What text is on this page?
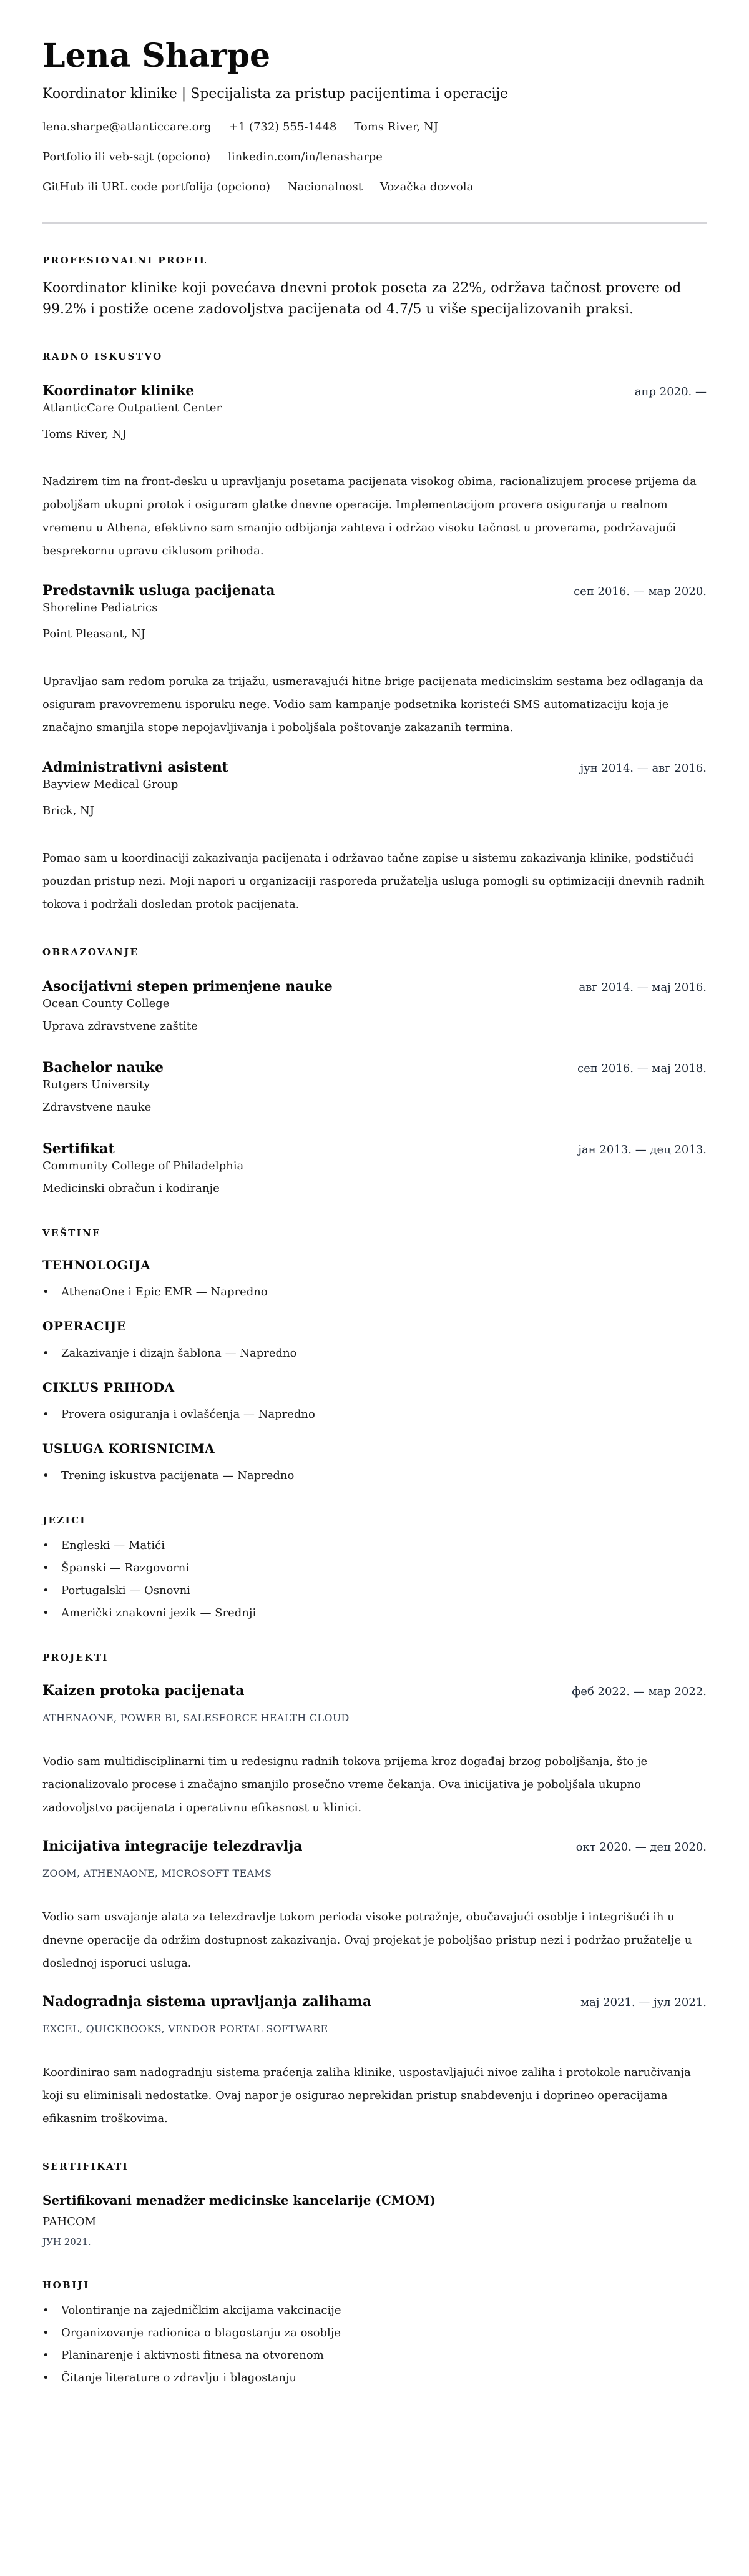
Lena Sharpe
Koordinator klinike | Specijalista za pristup pacijentima i operacije
lena.sharpe@atlanticcare.org +1 (732) 555-1448 Toms River, NJ
Portfolio ili veb-sajt (opciono) linkedin.com/in/lenasharpe
GitHub ili URL code portfolija (opciono) Nacionalnost Vozačka dozvola
PROFESIONALNI PROFIL

Koordinator klinike koji povećava dnevni protok poseta za 22%, održava tačnost provere od 99.2% i postiže ocene zadovoljstva pacijenata od 4.7/5 u više specijalizovanih praksi.

RADNO ISKUSTVO
Koordinator klinike	апр 2020. —
AtlanticCare Outpatient Center
Toms River, NJ

Nadzirem tim na front-desku u upravljanju posetama pacijenata visokog obima, racionalizujem procese prijema da poboljšam ukupni protok i osiguram glatke dnevne operacije. Implementacijom provera osiguranja u realnom vremenu u Athena, efektivno sam smanjio odbijanja zahteva i održao visoku tačnost u proverama, podržavajući besprekornu upravu ciklusom prihoda.

Predstavnik usluga pacijenata	сеп 2016. — мар 2020.
Shoreline Pediatrics
Point Pleasant, NJ

Upravljao sam redom poruka za trijažu, usmeravajući hitne brige pacijenata medicinskim sestama bez odlaganja da osiguram pravovremenu isporuku nege. Vodio sam kampanje podsetnika koristeći SMS automatizaciju koja je značajno smanjila stope nepojavljivanja i poboljšala poštovanje zakazanih termina.

Administrativni asistent	јун 2014. — авг 2016.
Bayview Medical Group
Brick, NJ

Pomao sam u koordinaciji zakazivanja pacijenata i održavao tačne zapise u sistemu zakazivanja klinike, podstičući pouzdan pristup nezi. Moji napori u organizaciji rasporeda pružatelja usluga pomogli su optimizaciji dnevnih radnih tokova i podržali dosledan protok pacijenata.

OBRAZOVANJE
Asocijativni stepen primenjene nauke	авг 2014. — мај 2016.
Ocean County College
Uprava zdravstvene zaštite
Bachelor nauke	сеп 2016. — мај 2018.
Rutgers University
Zdravstvene nauke
Sertifikat	јан 2013. — дец 2013.
Community College of Philadelphia
Medicinski obračun i kodiranje
VEŠTINE
TEHNOLOGIJA
• AthenaOne i Epic EMR — Napredno
OPERACIJE
• Zakazivanje i dizajn šablona — Napredno
CIKLUS PRIHODA
• Provera osiguranja i ovlašćenja — Napredno
USLUGA KORISNICIMA
• Trening iskustva pacijenata — Napredno
JEZICI
• Engleski — Matići
• Španski — Razgovorni
• Portugalski — Osnovni
• Američki znakovni jezik — Srednji
PROJEKTI
Kaizen protoka pacijenata	феб 2022. — мар 2022.
ATHENAONE, POWER BI, SALESFORCE HEALTH CLOUD

Vodio sam multidisciplinarni tim u redesignu radnih tokova prijema kroz događaj brzog poboljšanja, što je racionalizovalo procese i značajno smanjilo prosečno vreme čekanja. Ova inicijativa je poboljšala ukupno zadovoljstvo pacijenata i operativnu efikasnost u klinici.

Inicijativa integracije telezdravlja	окт 2020. — дец 2020.
ZOOM, ATHENAONE, MICROSOFT TEAMS

Vodio sam usvajanje alata za telezdravlje tokom perioda visoke potražnje, obučavajući osoblje i integrišući ih u dnevne operacije da održim dostupnost zakazivanja. Ovaj projekat je poboljšao pristup nezi i podržao pružatelje u doslednoj isporuci usluga.

Nadogradnja sistema upravljanja zalihama	мај 2021. — јул 2021.
EXCEL, QUICKBOOKS, VENDOR PORTAL SOFTWARE

Koordinirao sam nadogradnju sistema praćenja zaliha klinike, uspostavljajući nivoe zaliha i protokole naručivanja koji su eliminisali nedostatke. Ovaj napor je osigurao neprekidan pristup snabdevenju i doprineo operacijama efikasnim troškovima.

SERTIFIKATI
Sertifikovani menadžer medicinske kancelarije (CMOM)
PAHCOM
ЈУН 2021.
HOBIJI
• Volontiranje na zajedničkim akcijama vakcinacije
• Organizovanje radionica o blagostanju za osoblje
• Planinarenje i aktivnosti fitnesa na otvorenom
• Čitanje literature o zdravlju i blagostanju
